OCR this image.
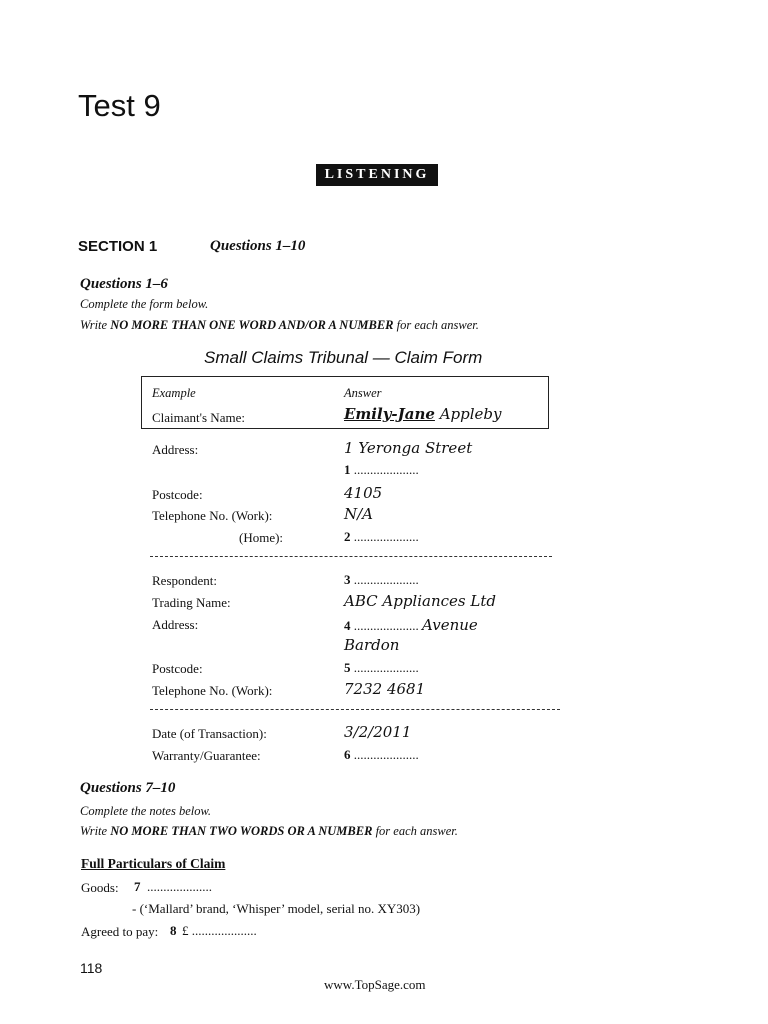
Test 9
LISTENING
SECTION 1	Questions 1–10
Questions 1–6
Complete the form below.
Write NO MORE THAN ONE WORD AND/OR A NUMBER for each answer.
Small Claims Tribunal — Claim Form
Example	Answer
Claimant's Name:	Emily-Jane Appleby
Address:	1 Yeronga Street
1 ....................
Postcode:	4105
Telephone No. (Work):	N/A
(Home):	2 ....................
Respondent:	3 ....................
Trading Name:	ABC Appliances Ltd
Address:	4 .................... Avenue
Bardon
Postcode:	5 ....................
Telephone No. (Work):	7232 4681
Date (of Transaction):	3/2/2011
Warranty/Guarantee:	6 ....................
Questions 7–10
Complete the notes below.
Write NO MORE THAN TWO WORDS OR A NUMBER for each answer.
Full Particulars of Claim
Goods: 7 ....................
- (‘Mallard’ brand, ‘Whisper’ model, serial no. XY303)
Agreed to pay: 8 £ ....................
118
www.TopSage.com
